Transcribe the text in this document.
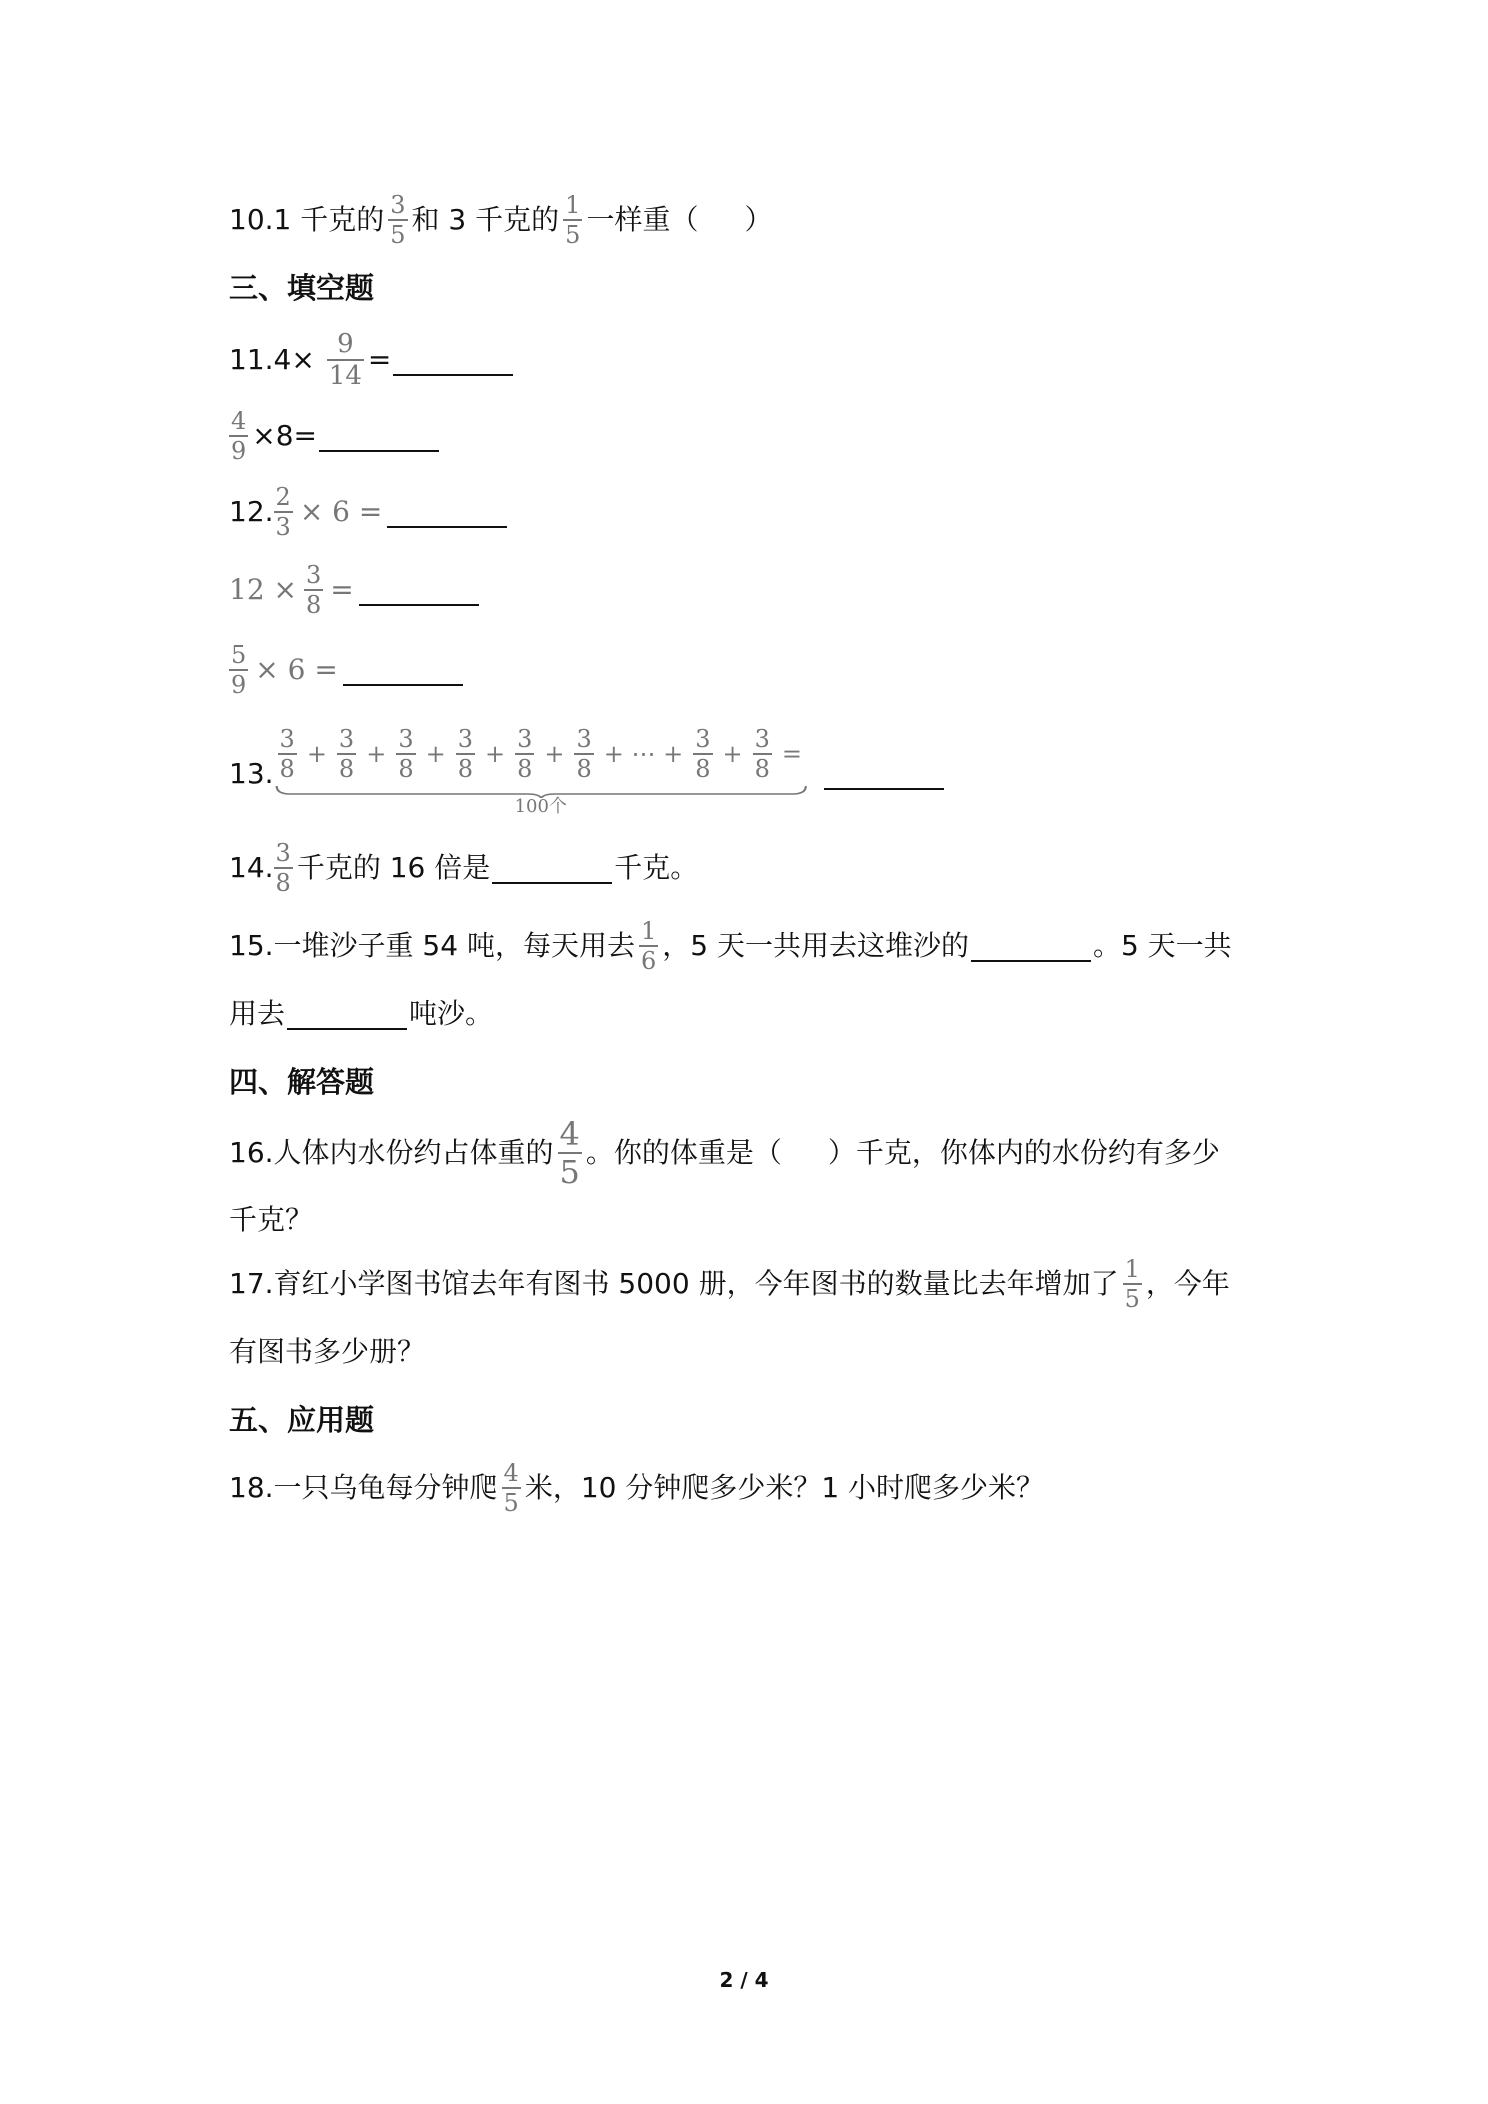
10.1 千克的 $\frac{3}{5}$ 和 3 千克的 $\frac{1}{5}$ 一样重（ ）
三、填空题
$11.4\times \frac{9}{14}$ =
$\frac{4}{9} \times 8=$
12. $\frac{2}{3} \times 6$ =
$12 \times \frac{3}{8}$ =
$\frac{5}{9} \times 6$ =
13. $\frac{3}{8} + \frac{3}{8} + \frac{3}{8} + \frac{3}{8} + \frac{3}{8} + \frac{3}{8}$ + ⋯ + $\frac{3}{8} + \frac{3}{8}$ =
100个
14. $\frac{3}{8}$ 千克的 16 倍是	千克。
15.一堆沙子重 54 吨，每天用去 $\frac{1}{6}$ ，5 天一共用去这堆沙的	。5 天一共
用去	吨沙。
四、解答题
16.人体内水份约占体重的 $\frac{4}{5}$ 。你的体重是（ ）千克，你体内的水份约有多少
千克？
17.育红小学图书馆去年有图书 5000 册，今年图书的数量比去年增加了 $\frac{1}{5}$ ，今年
有图书多少册？
五、应用题
18.一只乌龟每分钟爬 $\frac{4}{5}$ 米，10 分钟爬多少米？1 小时爬多少米？
2 / 4
